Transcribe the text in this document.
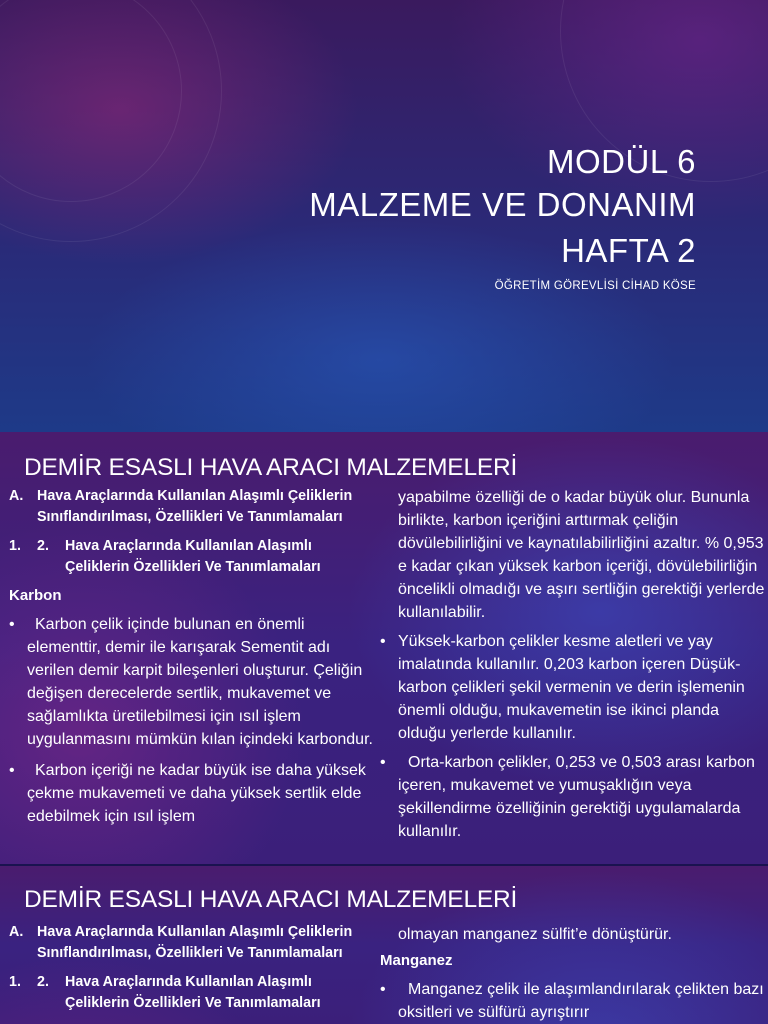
MODÜL 6
MALZEME VE DONANIM
HAFTA 2
ÖĞRETİM GÖREVLİSİ CİHAD KÖSE
DEMİR ESASLI HAVA ARACI MALZEMELERİ
A. Hava Araçlarında Kullanılan Alaşımlı Çeliklerin Sınıflandırılması, Özellikleri Ve Tanımlamaları
1.	2.	Hava Araçlarında Kullanılan Alaşımlı Çeliklerin Özellikleri Ve Tanımlamaları
Karbon
•	Karbon çelik içinde bulunan en önemli elementtir, demir ile karışarak Sementit adı verilen demir karpit bileşenleri oluşturur. Çeliğin değişen derecelerde sertlik, mukavemet ve sağlamlıkta üretilebilmesi için ısıl işlem uygulanmasını mümkün kılan içindeki karbondur.
•	Karbon içeriği ne kadar büyük ise daha yüksek çekme mukavemeti ve daha yüksek sertlik elde edebilmek için ısıl işlem
yapabilme özelliği de o kadar büyük olur. Bununla birlikte, karbon içeriğini arttırmak çeliğin dövülebilirliğini ve kaynatılabilirliğini azaltır. % 0,953 e kadar çıkan yüksek karbon içeriği, dövülebilirliğin öncelikli olmadığı ve aşırı sertliğin gerektiği yerlerde kullanılabilir.
• Yüksek-karbon çelikler kesme aletleri ve yay imalatında kullanılır. 0,203 karbon içeren Düşük-karbon çelikleri şekil vermenin ve derin işlemenin önemli olduğu, mukavemetin ise ikinci planda olduğu yerlerde kullanılır.
•	Orta-karbon çelikler, 0,253 ve 0,503 arası karbon içeren, mukavemet ve yumuşaklığın veya şekillendirme özelliğinin gerektiği uygulamalarda kullanılır.
DEMİR ESASLI HAVA ARACI MALZEMELERİ
A. Hava Araçlarında Kullanılan Alaşımlı Çeliklerin Sınıflandırılması, Özellikleri Ve Tanımlamaları
1.	2.	Hava Araçlarında Kullanılan Alaşımlı Çeliklerin Özellikleri Ve Tanımlamaları
olmayan manganez sülfit’e dönüştürür.
Manganez
•	Manganez çelik ile alaşımlandırılarak çelikten bazı oksitleri ve sülfürü ayrıştırır
